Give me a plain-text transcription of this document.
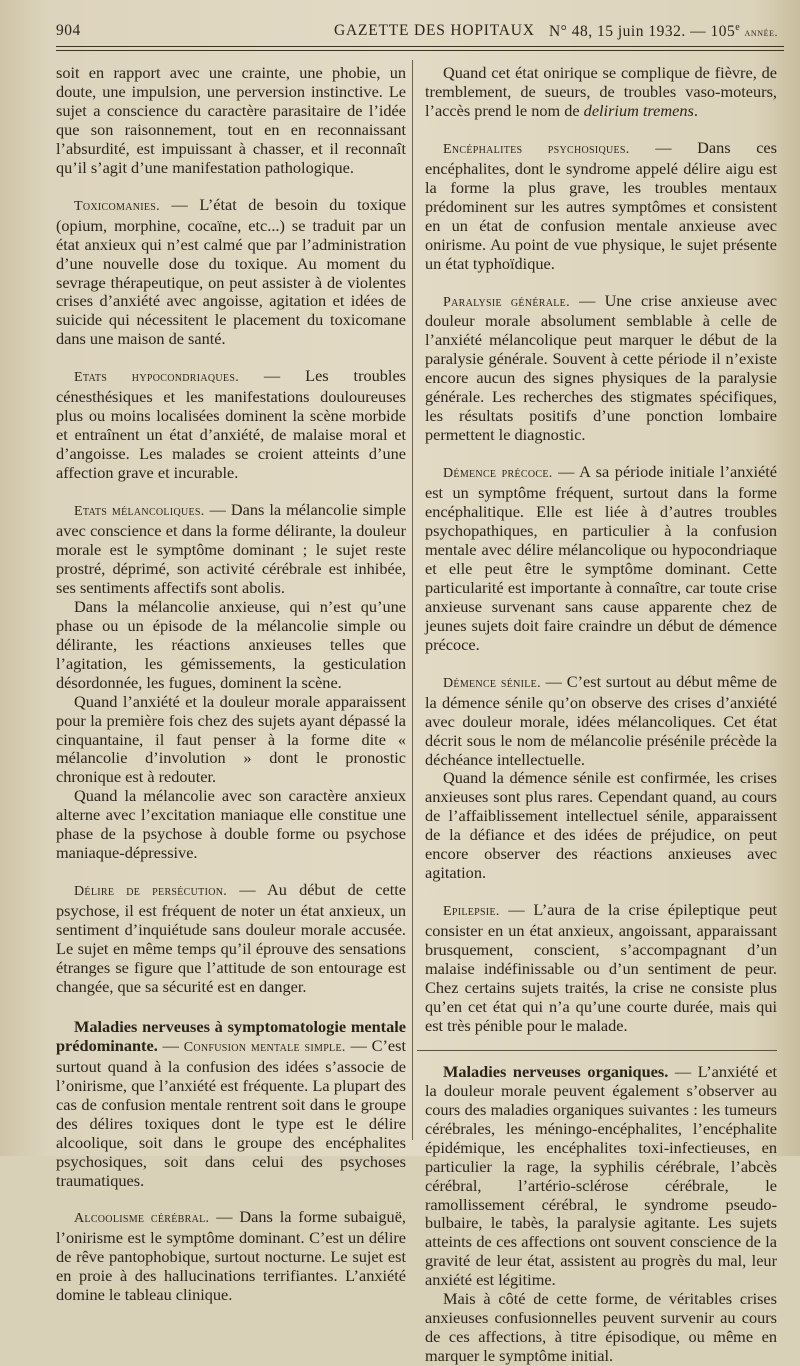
904	GAZETTE DES HOPITAUX N° 48, 15 juin 1932. — 105e année.

soit en rapport avec une crainte, une phobie, un doute, une impulsion, une perversion instinctive. Le sujet a conscience du caractère parasitaire de l’idée que son raisonnement, tout en en reconnaissant l’absurdité, est impuissant à chasser, et il reconnaît qu’il s’agit d’une manifestation pathologique.

Toxicomanies. — L’état de besoin du toxique (opium, morphine, cocaïne, etc...) se traduit par un état anxieux qui n’est calmé que par l’administration d’une nouvelle dose du toxique. Au moment du sevrage thérapeutique, on peut assister à de violentes crises d’anxiété avec angoisse, agitation et idées de suicide qui nécessitent le placement du toxicomane dans une maison de santé.

Etats hypocondriaques. — Les troubles cénesthésiques et les manifestations douloureuses plus ou moins localisées dominent la scène morbide et entraînent un état d’anxiété, de malaise moral et d’angoisse. Les malades se croient atteints d’une affection grave et incurable.

Etats mélancoliques. — Dans la mélancolie simple avec conscience et dans la forme délirante, la douleur morale est le symptôme dominant ; le sujet reste prostré, déprimé, son activité cérébrale est inhibée, ses sentiments affectifs sont abolis.

Dans la mélancolie anxieuse, qui n’est qu’une phase ou un épisode de la mélancolie simple ou délirante, les réactions anxieuses telles que l’agitation, les gémissements, la gesticulation désordonnée, les fugues, dominent la scène.

Quand l’anxiété et la douleur morale apparaissent pour la première fois chez des sujets ayant dépassé la cinquantaine, il faut penser à la forme dite « mélancolie d’involution » dont le pronostic chronique est à redouter.

Quand la mélancolie avec son caractère anxieux alterne avec l’excitation maniaque elle constitue une phase de la psychose à double forme ou psychose maniaque-dépressive.

Délire de persécution. — Au début de cette psychose, il est fréquent de noter un état anxieux, un sentiment d’inquiétude sans douleur morale accusée. Le sujet en même temps qu’il éprouve des sensations étranges se figure que l’attitude de son entourage est changée, que sa sécurité est en danger.

Maladies nerveuses à symptomatologie mentale prédominante. — Confusion mentale simple. — C’est surtout quand à la confusion des idées s’associe de l’onirisme, que l’anxiété est fréquente. La plupart des cas de confusion mentale rentrent soit dans le groupe des délires toxiques dont le type est le délire alcoolique, soit dans le groupe des encéphalites psychosiques, soit dans celui des psychoses traumatiques.

Alcoolisme cérébral. — Dans la forme subaiguë, l’onirisme est le symptôme dominant. C’est un délire de rêve pantophobique, surtout nocturne. Le sujet est en proie à des hallucinations terrifiantes. L’anxiété domine le tableau clinique.

Quand cet état onirique se complique de fièvre, de tremblement, de sueurs, de troubles vaso-moteurs, l’accès prend le nom de delirium tremens.

Encéphalites psychosiques. — Dans ces encéphalites, dont le syndrome appelé délire aigu est la forme la plus grave, les troubles mentaux prédominent sur les autres symptômes et consistent en un état de confusion mentale anxieuse avec onirisme. Au point de vue physique, le sujet présente un état typhoïdique.

Paralysie générale. — Une crise anxieuse avec douleur morale absolument semblable à celle de l’anxiété mélancolique peut marquer le début de la paralysie générale. Souvent à cette période il n’existe encore aucun des signes physiques de la paralysie générale. Les recherches des stigmates spécifiques, les résultats positifs d’une ponction lombaire permettent le diagnostic.

Démence précoce. — A sa période initiale l’anxiété est un symptôme fréquent, surtout dans la forme encéphalitique. Elle est liée à d’autres troubles psychopathiques, en particulier à la confusion mentale avec délire mélancolique ou hypocondriaque et elle peut être le symptôme dominant. Cette particularité est importante à connaître, car toute crise anxieuse survenant sans cause apparente chez de jeunes sujets doit faire craindre un début de démence précoce.

Démence sénile. — C’est surtout au début même de la démence sénile qu’on observe des crises d’anxiété avec douleur morale, idées mélancoliques. Cet état décrit sous le nom de mélancolie présénile précède la déchéance intellectuelle.

Quand la démence sénile est confirmée, les crises anxieuses sont plus rares. Cependant quand, au cours de l’affaiblissement intellectuel sénile, apparaissent de la défiance et des idées de préjudice, on peut encore observer des réactions anxieuses avec agitation.

Epilepsie. — L’aura de la crise épileptique peut consister en un état anxieux, angoissant, apparaissant brusquement, conscient, s’accompagnant d’un malaise indéfinissable ou d’un sentiment de peur. Chez certains sujets traités, la crise ne consiste plus qu’en cet état qui n’a qu’une courte durée, mais qui est très pénible pour le malade.

Maladies nerveuses organiques. — L’anxiété et la douleur morale peuvent également s’observer au cours des maladies organiques suivantes : les tumeurs cérébrales, les méningo-encéphalites, l’encéphalite épidémique, les encéphalites toxi-infectieuses, en particulier la rage, la syphilis cérébrale, l’abcès cérébral, l’artério-sclérose cérébrale, le ramollissement cérébral, le syndrome pseudo-bulbaire, le tabès, la paralysie agitante. Les sujets atteints de ces affections ont souvent conscience de la gravité de leur état, assistent au progrès du mal, leur anxiété est légitime.

Mais à côté de cette forme, de véritables crises anxieuses confusionnelles peuvent survenir au cours de ces affections, à titre épisodique, ou même en marquer le symptôme initial.
